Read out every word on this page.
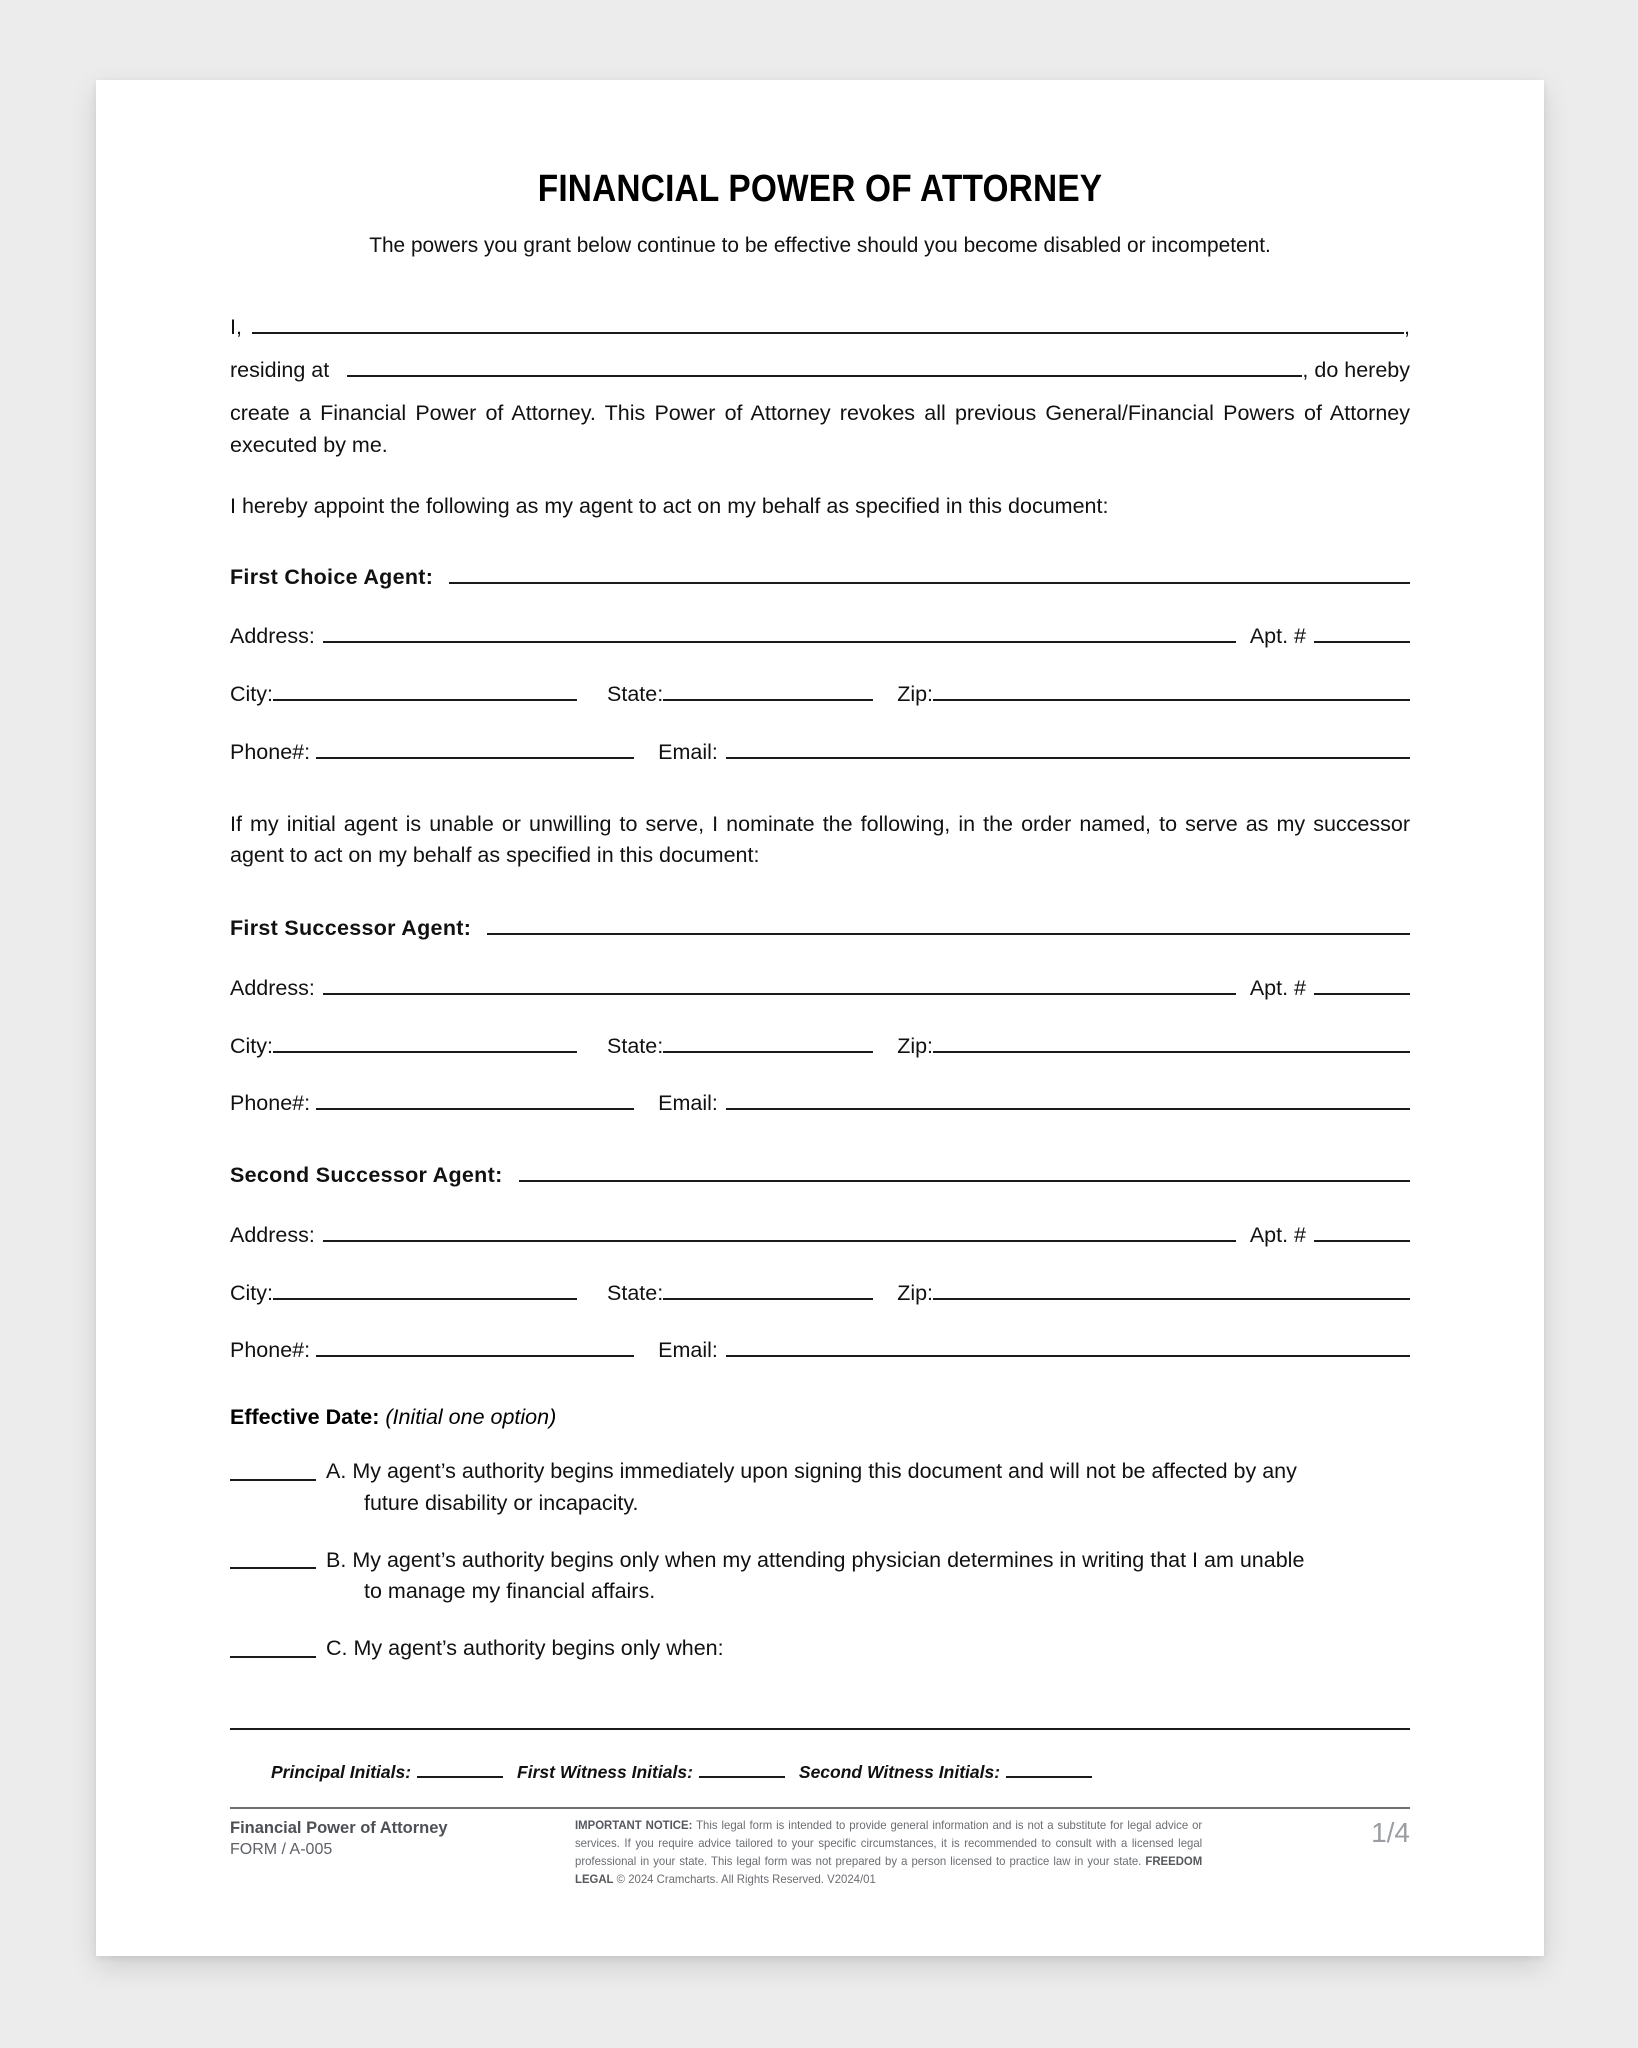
FINANCIAL POWER OF ATTORNEY
The powers you grant below continue to be effective should you become disabled or incompetent.
I,	,
residing at	, do hereby

create a Financial Power of Attorney. This Power of Attorney revokes all previous General/Financial Powers of Attorney executed by me.

I hereby appoint the following as my agent to act on my behalf as specified in this document:

First Choice Agent:
Address:	Apt. #
City:	State:	Zip:
Phone#:	Email:

If my initial agent is unable or unwilling to serve, I nominate the following, in the order named, to serve as my successor agent to act on my behalf as specified in this document:

First Successor Agent:
Address:	Apt. #
City:	State:	Zip:
Phone#:	Email:
Second Successor Agent:
Address:	Apt. #
City:	State:	Zip:
Phone#:	Email:
Effective Date: (Initial one option)
A. My agent’s authority begins immediately upon signing this document and will not be affected by any
future disability or incapacity.
B. My agent’s authority begins only when my attending physician determines in writing that I am unable
to manage my financial affairs.
C. My agent’s authority begins only when:
Principal Initials:	First Witness Initials:	Second Witness Initials:
Financial Power of Attorney
FORM / A-005
IMPORTANT NOTICE: This legal form is intended to provide general information and is not a substitute for legal advice or services. If you require advice tailored to your specific circumstances, it is recommended to consult with a licensed legal professional in your state. This legal form was not prepared by a person licensed to practice law in your state. FREEDOM LEGAL © 2024 Cramcharts. All Rights Reserved. V2024/01
1/4
